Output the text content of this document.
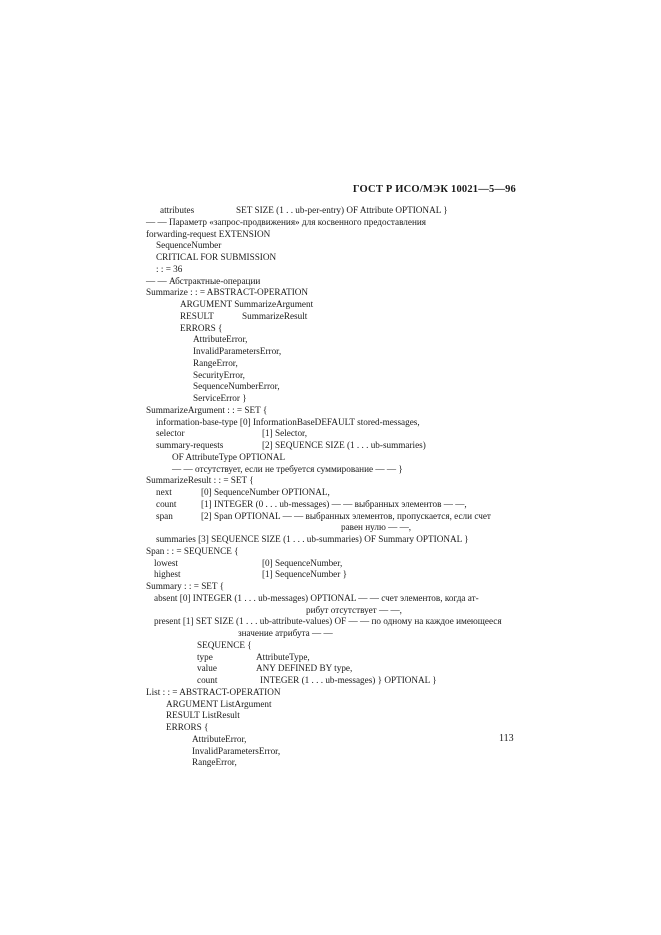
ГОСТ Р ИСО/МЭК 10021—5—96
attributes	SET SIZE (1 . . ub-per-entry) OF Attribute OPTIONAL }
— — Параметр «запрос-продвижения» для косвенного предоставления
forwarding-request EXTENSION
SequenceNumber
CRITICAL FOR SUBMISSION
: : = 36
— — Абстрактные-операции
Summarize : : = ABSTRACT-OPERATION
ARGUMENT SummarizeArgument
RESULT	SummarizeResult
ERRORS {
AttributeError,
InvalidParametersError,
RangeError,
SecurityError,
SequenceNumberError,
ServiceError }
SummarizeArgument : : = SET {
information-base-type [0] InformationBaseDEFAULT stored-messages,
selector	[1] Selector,
summary-requests	[2] SEQUENCE SIZE (1 . . . ub-summaries)
OF AttributeType OPTIONAL
— — отсутствует, если не требуется суммирование — — }
SummarizeResult : : = SET {
next	[0] SequenceNumber OPTIONAL,
count	[1] INTEGER (0 . . . ub-messages) — — выбранных элементов — —,
span	[2] Span OPTIONAL — — выбранных элементов, пропускается, если счет
равен нулю — —,
summaries [3] SEQUENCE SIZE (1 . . . ub-summaries) OF Summary OPTIONAL }
Span : : = SEQUENCE {
lowest	[0] SequenceNumber,
highest	[1] SequenceNumber }
Summary : : = SET {
absent [0] INTEGER (1 . . . ub-messages) OPTIONAL — — счет элементов, когда ат-
рибут отсутствует — —,
present [1] SET SIZE (1 . . . ub-attribute-values) OF — — по одному на каждое имеющееся
значение атрибута — —
SEQUENCE {
type	AttributeType,
value	ANY DEFINED BY type,
count	INTEGER (1 . . . ub-messages) } OPTIONAL }
List : : = ABSTRACT-OPERATION
ARGUMENT ListArgument
RESULT ListResult
ERRORS {
AttributeError,
InvalidParametersError,
RangeError,
113
